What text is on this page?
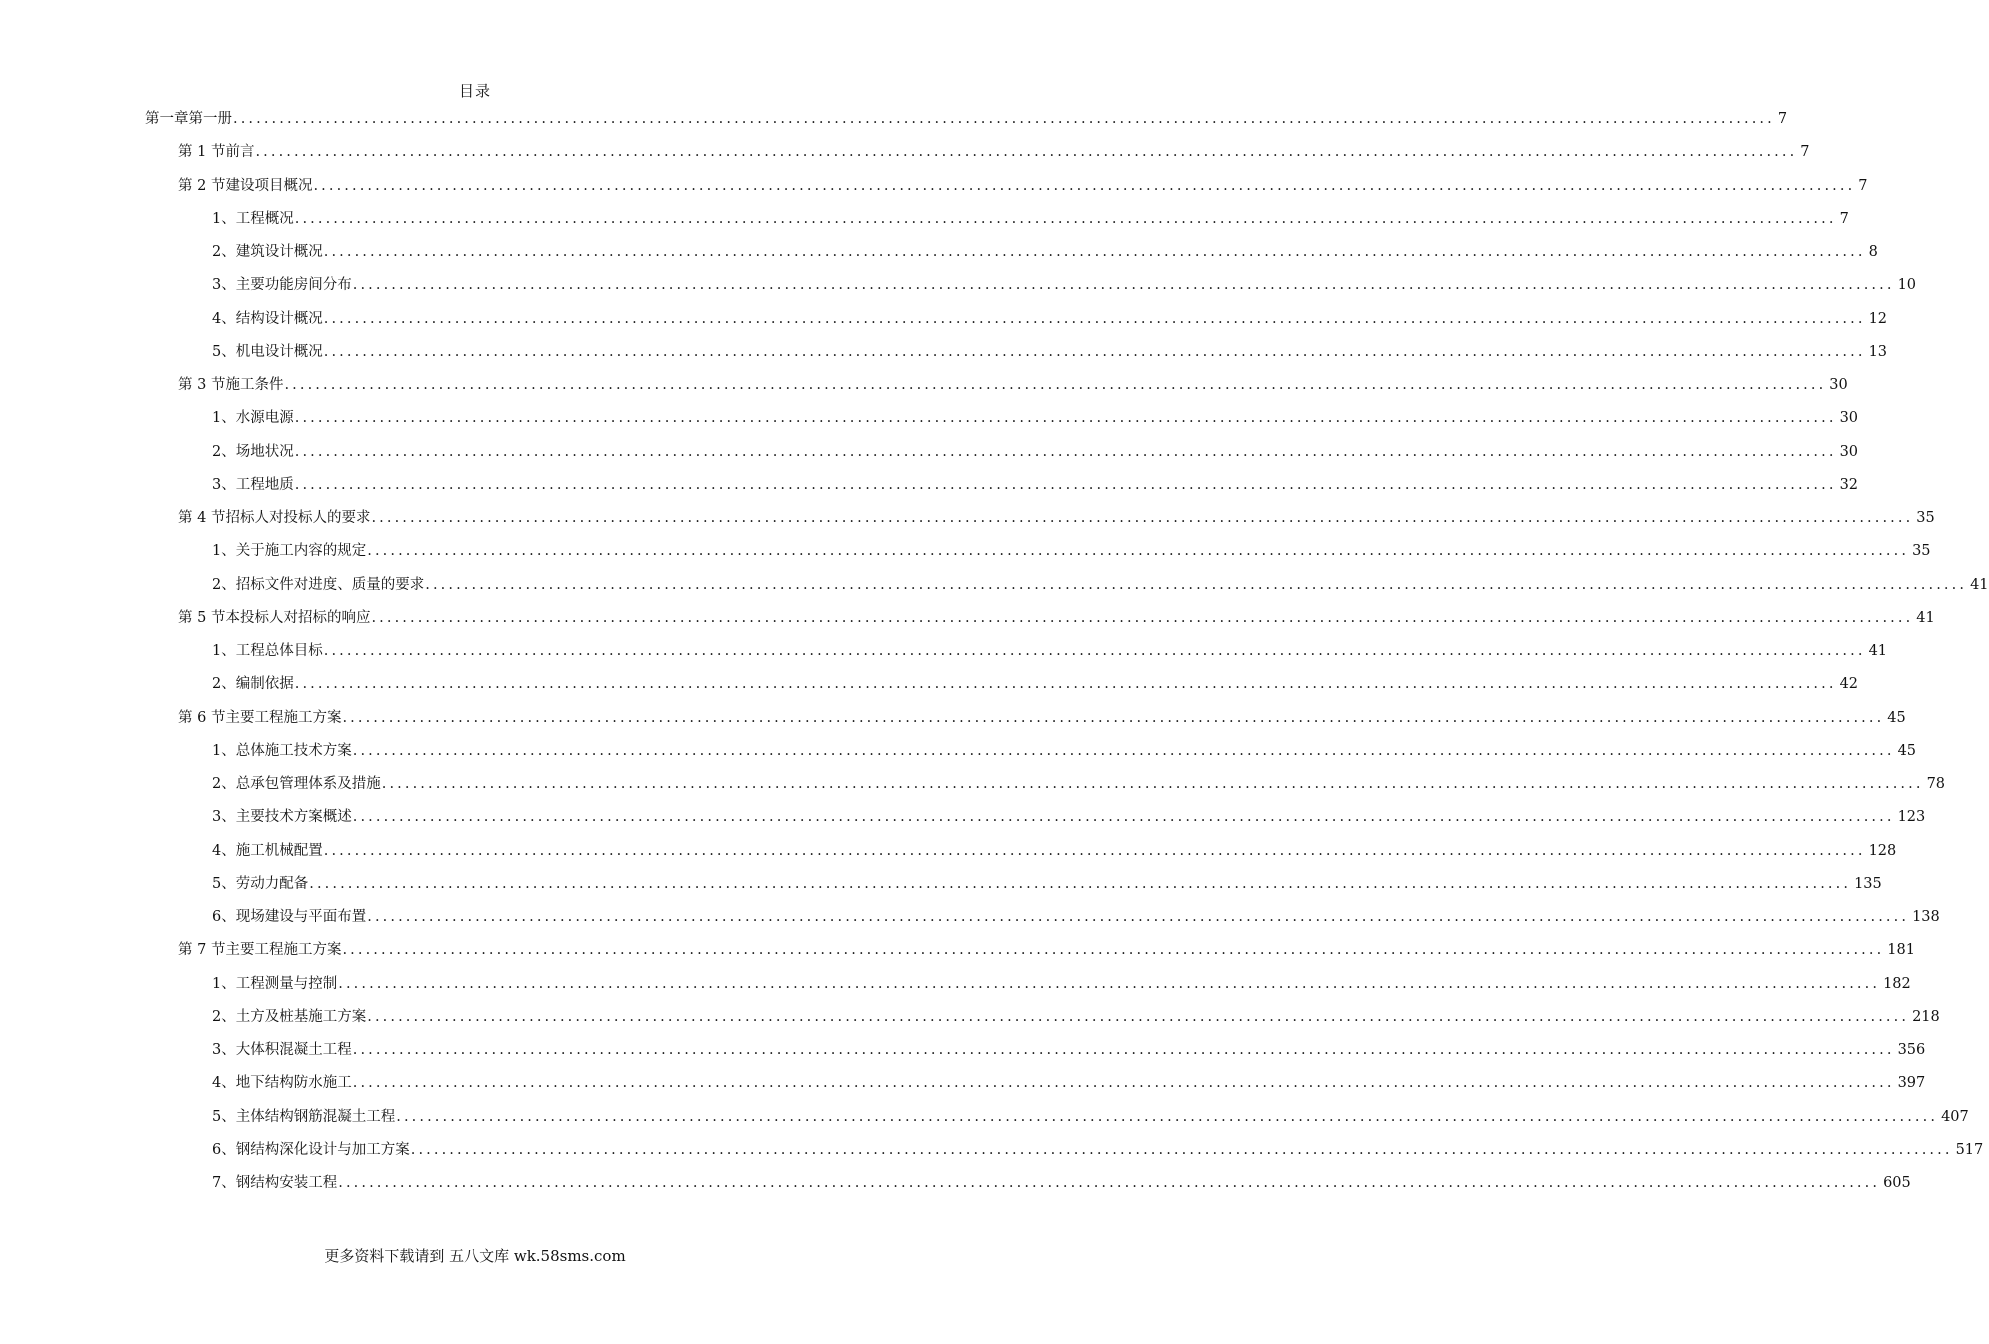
目录
第一章 第一册 ........................................................................................................................................................................................................ 7
第 1 节 前言 ........................................................................................................................................................................................................ 7
第 2 节 建设项目概况 ........................................................................................................................................................................................................ 7
1、 工程概况 ........................................................................................................................................................................................................ 7
2、 建筑设计概况 ........................................................................................................................................................................................................ 8
3、 主要功能房间分布 ........................................................................................................................................................................................................ 10
4、 结构设计概况 ........................................................................................................................................................................................................ 12
5、 机电设计概况 ........................................................................................................................................................................................................ 13
第 3 节 施工条件 ........................................................................................................................................................................................................ 30
1、 水源电源 ........................................................................................................................................................................................................ 30
2、 场地状况 ........................................................................................................................................................................................................ 30
3、 工程地质 ........................................................................................................................................................................................................ 32
第 4 节 招标人对投标人的要求 ........................................................................................................................................................................................................ 35
1、 关于施工内容的规定 ........................................................................................................................................................................................................ 35
2、 招标文件对进度、质量的要求 ........................................................................................................................................................................................................ 41
第 5 节 本投标人对招标的响应 ........................................................................................................................................................................................................ 41
1、 工程总体目标 ........................................................................................................................................................................................................ 41
2、 编制依据 ........................................................................................................................................................................................................ 42
第 6 节 主要工程施工方案 ........................................................................................................................................................................................................ 45
1、 总体施工技术方案 ........................................................................................................................................................................................................ 45
2、 总承包管理体系及措施 ........................................................................................................................................................................................................ 78
3、 主要技术方案概述 ........................................................................................................................................................................................................ 123
4、 施工机械配置 ........................................................................................................................................................................................................ 128
5、 劳动力配备 ........................................................................................................................................................................................................ 135
6、 现场建设与平面布置 ........................................................................................................................................................................................................ 138
第 7 节 主要工程施工方案 ........................................................................................................................................................................................................ 181
1、 工程测量与控制 ........................................................................................................................................................................................................ 182
2、 土方及桩基施工方案 ........................................................................................................................................................................................................ 218
3、 大体积混凝土工程 ........................................................................................................................................................................................................ 356
4、 地下结构防水施工 ........................................................................................................................................................................................................ 397
5、 主体结构钢筋混凝土工程 ........................................................................................................................................................................................................ 407
6、 钢结构深化设计与加工方案 ........................................................................................................................................................................................................ 517
7、 钢结构安装工程 ........................................................................................................................................................................................................ 605
更多资料下载请到 五八文库 wk.58sms.com
